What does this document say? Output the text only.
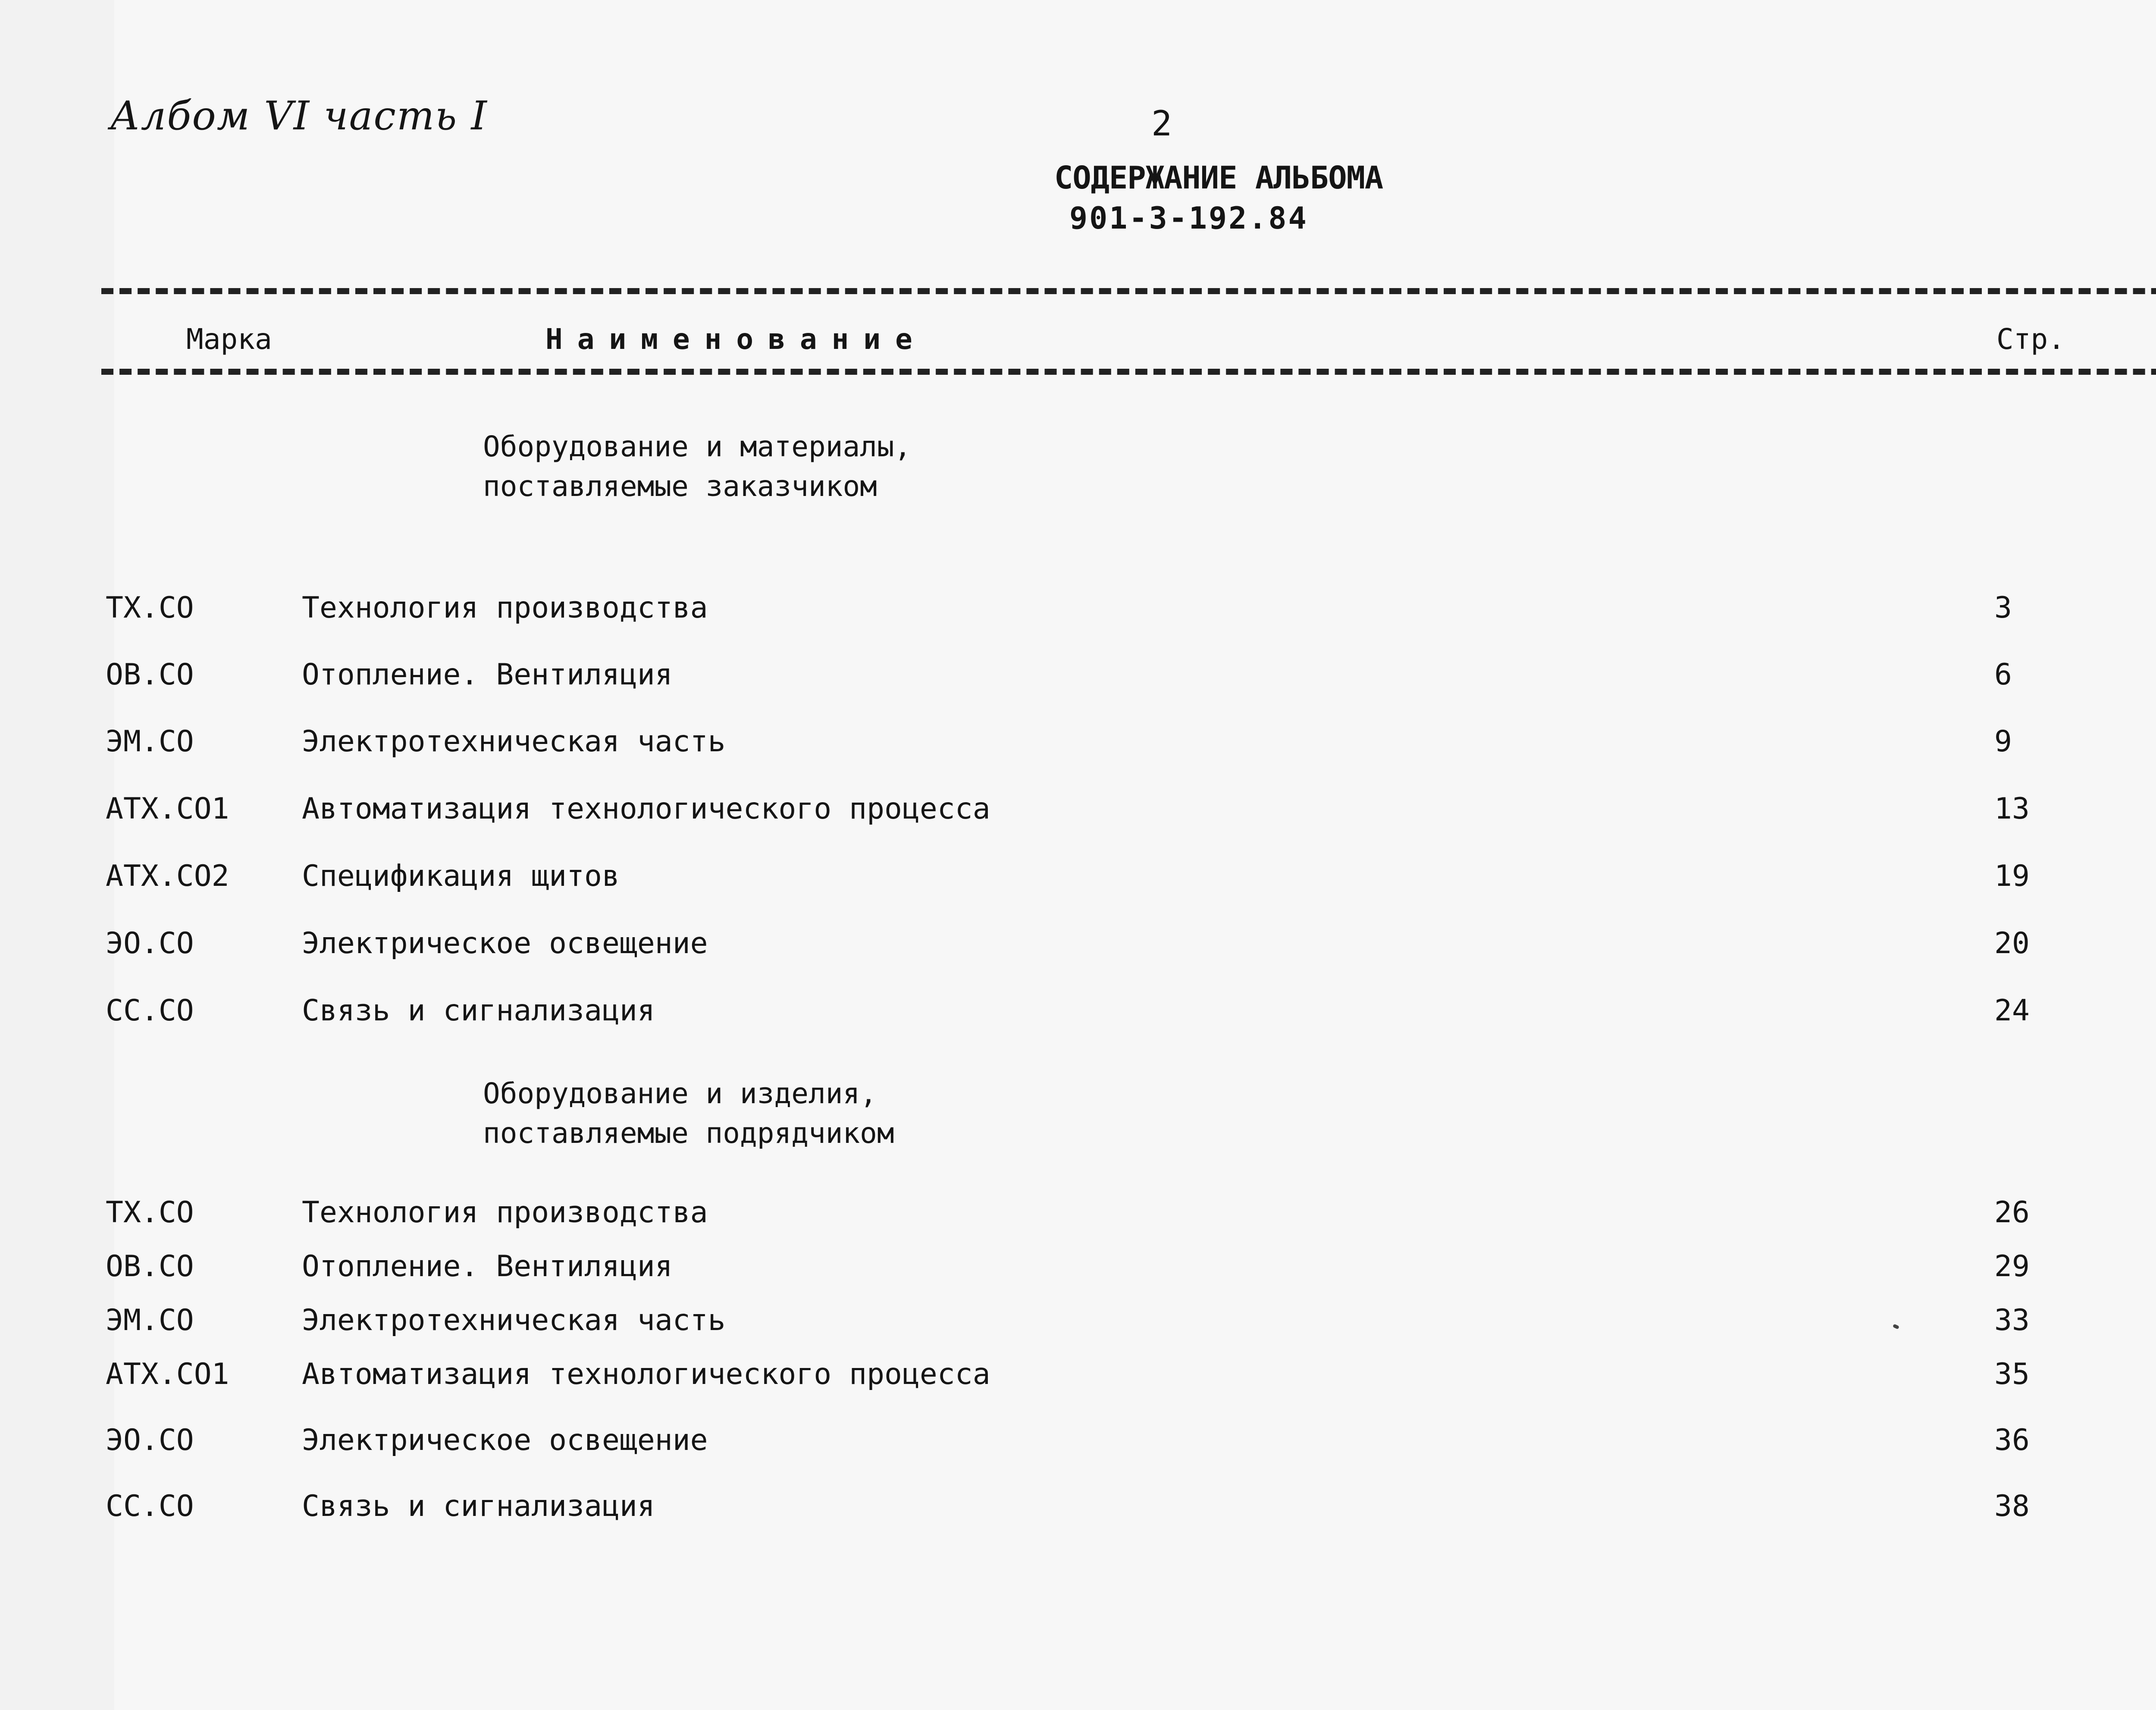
Албом VI часть I	2
СОДЕРЖАНИЕ АЛЬБОМА
901-3-192.84
Марка	Наименование	Стр.
Оборудование и материалы,
поставляемые заказчиком
ТХ.СО	Технология производства	3
ОВ.СО	Отопление. Вентиляция	6
ЭМ.СО	Электротехническая часть	9
АТХ.СО1 Автоматизация технологического процесса	13
АТХ.СО2 Спецификация щитов	19
ЭО.СО	Электрическое освещение	20
СС.СО	Связь и сигнализация	24
Оборудование и изделия,
поставляемые подрядчиком
ТХ.СО	Технология производства	26
ОВ.СО	Отопление. Вентиляция	29
ЭМ.СО	Электротехническая часть	33
АТХ.СО1 Автоматизация технологического процесса	35
ЭО.СО	Электрическое освещение	36
СС.СО	Связь и сигнализация	38
